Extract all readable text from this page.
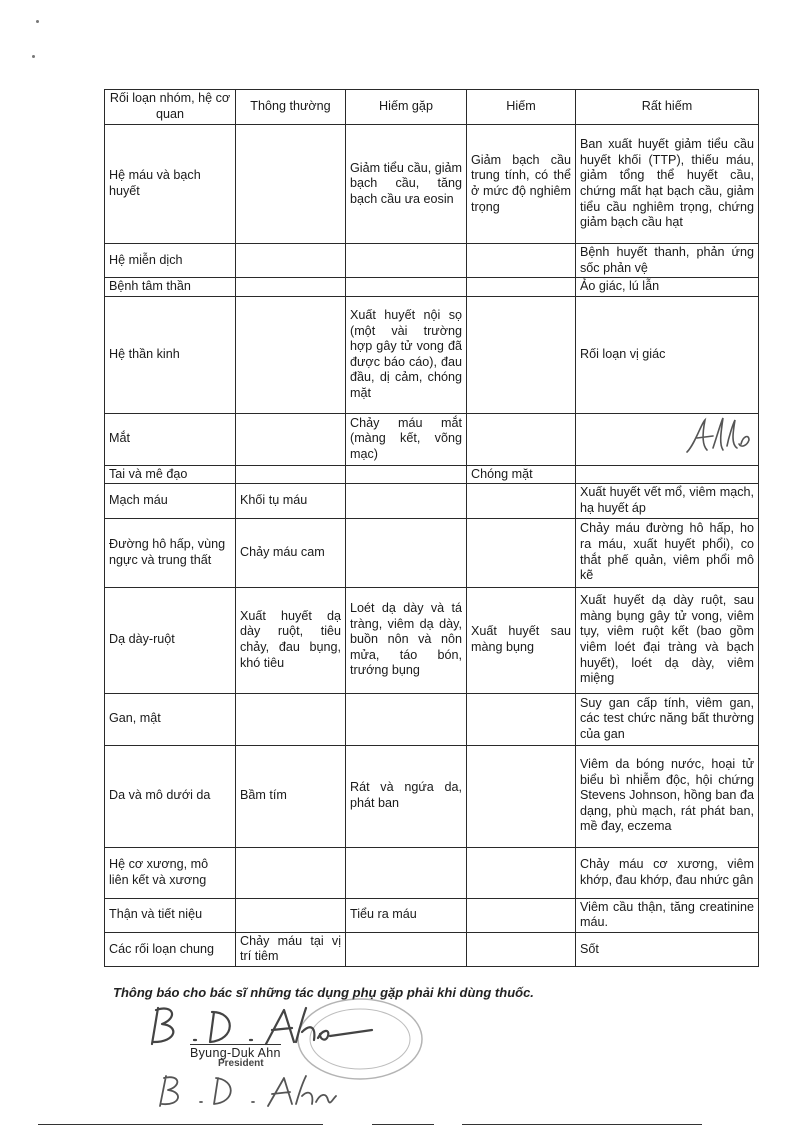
Rối loạn nhóm, hệ cơ quan	Thông thường	Hiếm gặp	Hiếm	Rất hiếm
Hệ máu và bạch huyết		Giảm tiểu cầu, giảm bạch cầu, tăng bạch cầu ưa eosin	Giảm bạch cầu trung tính, có thể ở mức độ nghiêm trọng	Ban xuất huyết giảm tiểu cầu huyết khối (TTP), thiếu máu, giảm tổng thể huyết cầu, chứng mất hạt bạch cầu, giảm tiểu cầu nghiêm trọng, chứng giảm bạch cầu hạt
Hệ miễn dịch				Bệnh huyết thanh, phản ứng sốc phản vệ
Bệnh tâm thần				Ảo giác, lú lẫn
Hệ thần kinh		Xuất huyết nội sọ (một vài trường hợp gây tử vong đã được báo cáo), đau đầu, dị cảm, chóng mặt		Rối loạn vị giác
Mắt		Chảy máu mắt (màng kết, võng mạc)		
Tai và mê đạo			Chóng mặt	
Mạch máu	Khối tụ máu			Xuất huyết vết mổ, viêm mạch, hạ huyết áp
Đường hô hấp, vùng ngực và trung thất	Chảy máu cam			Chảy máu đường hô hấp, ho ra máu, xuất huyết phổi), co thắt phế quản, viêm phổi mô kẽ
Dạ dày-ruột	Xuất huyết dạ dày ruột, tiêu chảy, đau bụng, khó tiêu	Loét dạ dày và tá tràng, viêm dạ dày, buồn nôn và nôn mửa, táo bón, trướng bụng	Xuất huyết sau màng bụng	Xuất huyết dạ dày ruột, sau màng bụng gây tử vong, viêm tụy, viêm ruột kết (bao gồm viêm loét đại tràng và bạch huyết), loét dạ dày, viêm miệng
Gan, mật				Suy gan cấp tính, viêm gan, các test chức năng bất thường của gan
Da và mô dưới da	Bầm tím	Rát và ngứa da, phát ban		Viêm da bóng nước, hoại tử biểu bì nhiễm độc, hội chứng Stevens Johnson, hồng ban đa dạng, phù mạch, rát phát ban, mề đay, eczema
Hệ cơ xương, mô liên kết và xương				Chảy máu cơ xương, viêm khớp, đau khớp, đau nhức gân
Thận và tiết niệu		Tiểu ra máu		Viêm cầu thận, tăng creatinine máu.
Các rối loạn chung	Chảy máu tại vị trí tiêm			Sốt
Thông báo cho bác sĩ những tác dụng phụ gặp phải khi dùng thuốc.
Byung-Duk Ahn
President
